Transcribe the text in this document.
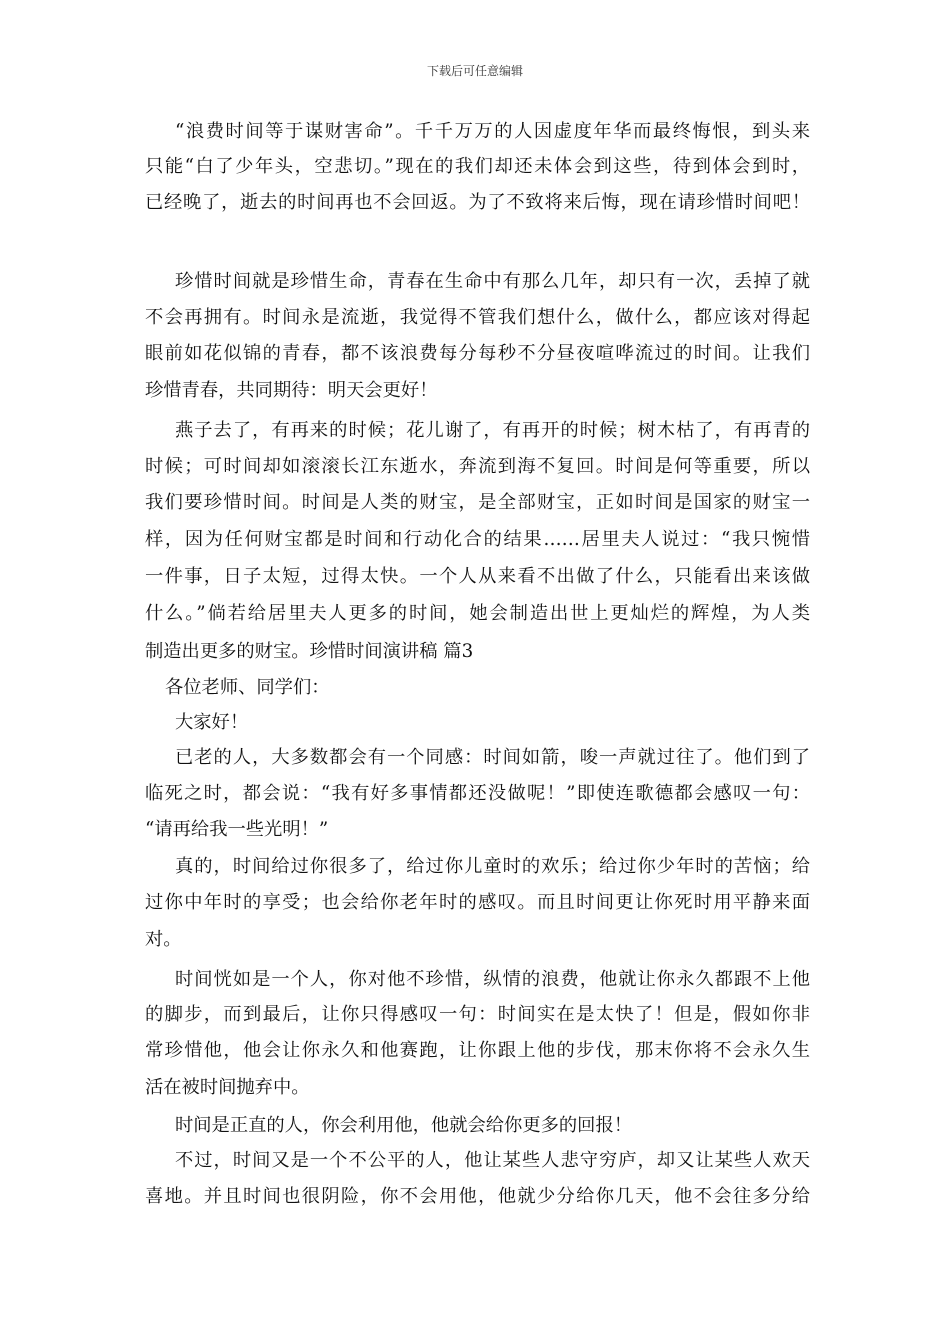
下载后可任意编辑
“浪费时间等于谋财害命”。千千万万的人因虚度年华而最终悔恨，到头来
只能“白了少年头，空悲切。”现在的我们却还未体会到这些，待到体会到时，
已经晚了，逝去的时间再也不会回返。为了不致将来后悔，现在请珍惜时间吧！
珍惜时间就是珍惜生命，青春在生命中有那么几年，却只有一次，丢掉了就
不会再拥有。时间永是流逝，我觉得不管我们想什么，做什么，都应该对得起
眼前如花似锦的青春，都不该浪费每分每秒不分昼夜喧哗流过的时间。让我们
珍惜青春，共同期待：明天会更好！
燕子去了，有再来的时候；花儿谢了，有再开的时候；树木枯了，有再青的
时候；可时间却如滚滚长江东逝水，奔流到海不复回。时间是何等重要，所以
我们要珍惜时间。时间是人类的财宝，是全部财宝，正如时间是国家的财宝一
样，因为任何财宝都是时间和行动化合的结果……居里夫人说过：“我只惋惜
一件事，日子太短，过得太快。一个人从来看不出做了什么，只能看出来该做
什么。”倘若给居里夫人更多的时间，她会制造出世上更灿烂的辉煌，为人类
制造出更多的财宝。珍惜时间演讲稿 篇3
各位老师、同学们：
大家好！
已老的人，大多数都会有一个同感：时间如箭，唆一声就过往了。他们到了
临死之时，都会说：“我有好多事情都还没做呢！”即使连歌德都会感叹一句：
“请再给我一些光明！”
真的，时间给过你很多了，给过你儿童时的欢乐；给过你少年时的苦恼；给
过你中年时的享受；也会给你老年时的感叹。而且时间更让你死时用平静来面
对。
时间恍如是一个人，你对他不珍惜，纵情的浪费，他就让你永久都跟不上他
的脚步，而到最后，让你只得感叹一句：时间实在是太快了！但是，假如你非
常珍惜他，他会让你永久和他赛跑，让你跟上他的步伐，那末你将不会永久生
活在被时间抛弃中。
时间是正直的人，你会利用他，他就会给你更多的回报！
不过，时间又是一个不公平的人，他让某些人悲守穷庐，却又让某些人欢天
喜地。并且时间也很阴险，你不会用他，他就少分给你几天，他不会往多分给
